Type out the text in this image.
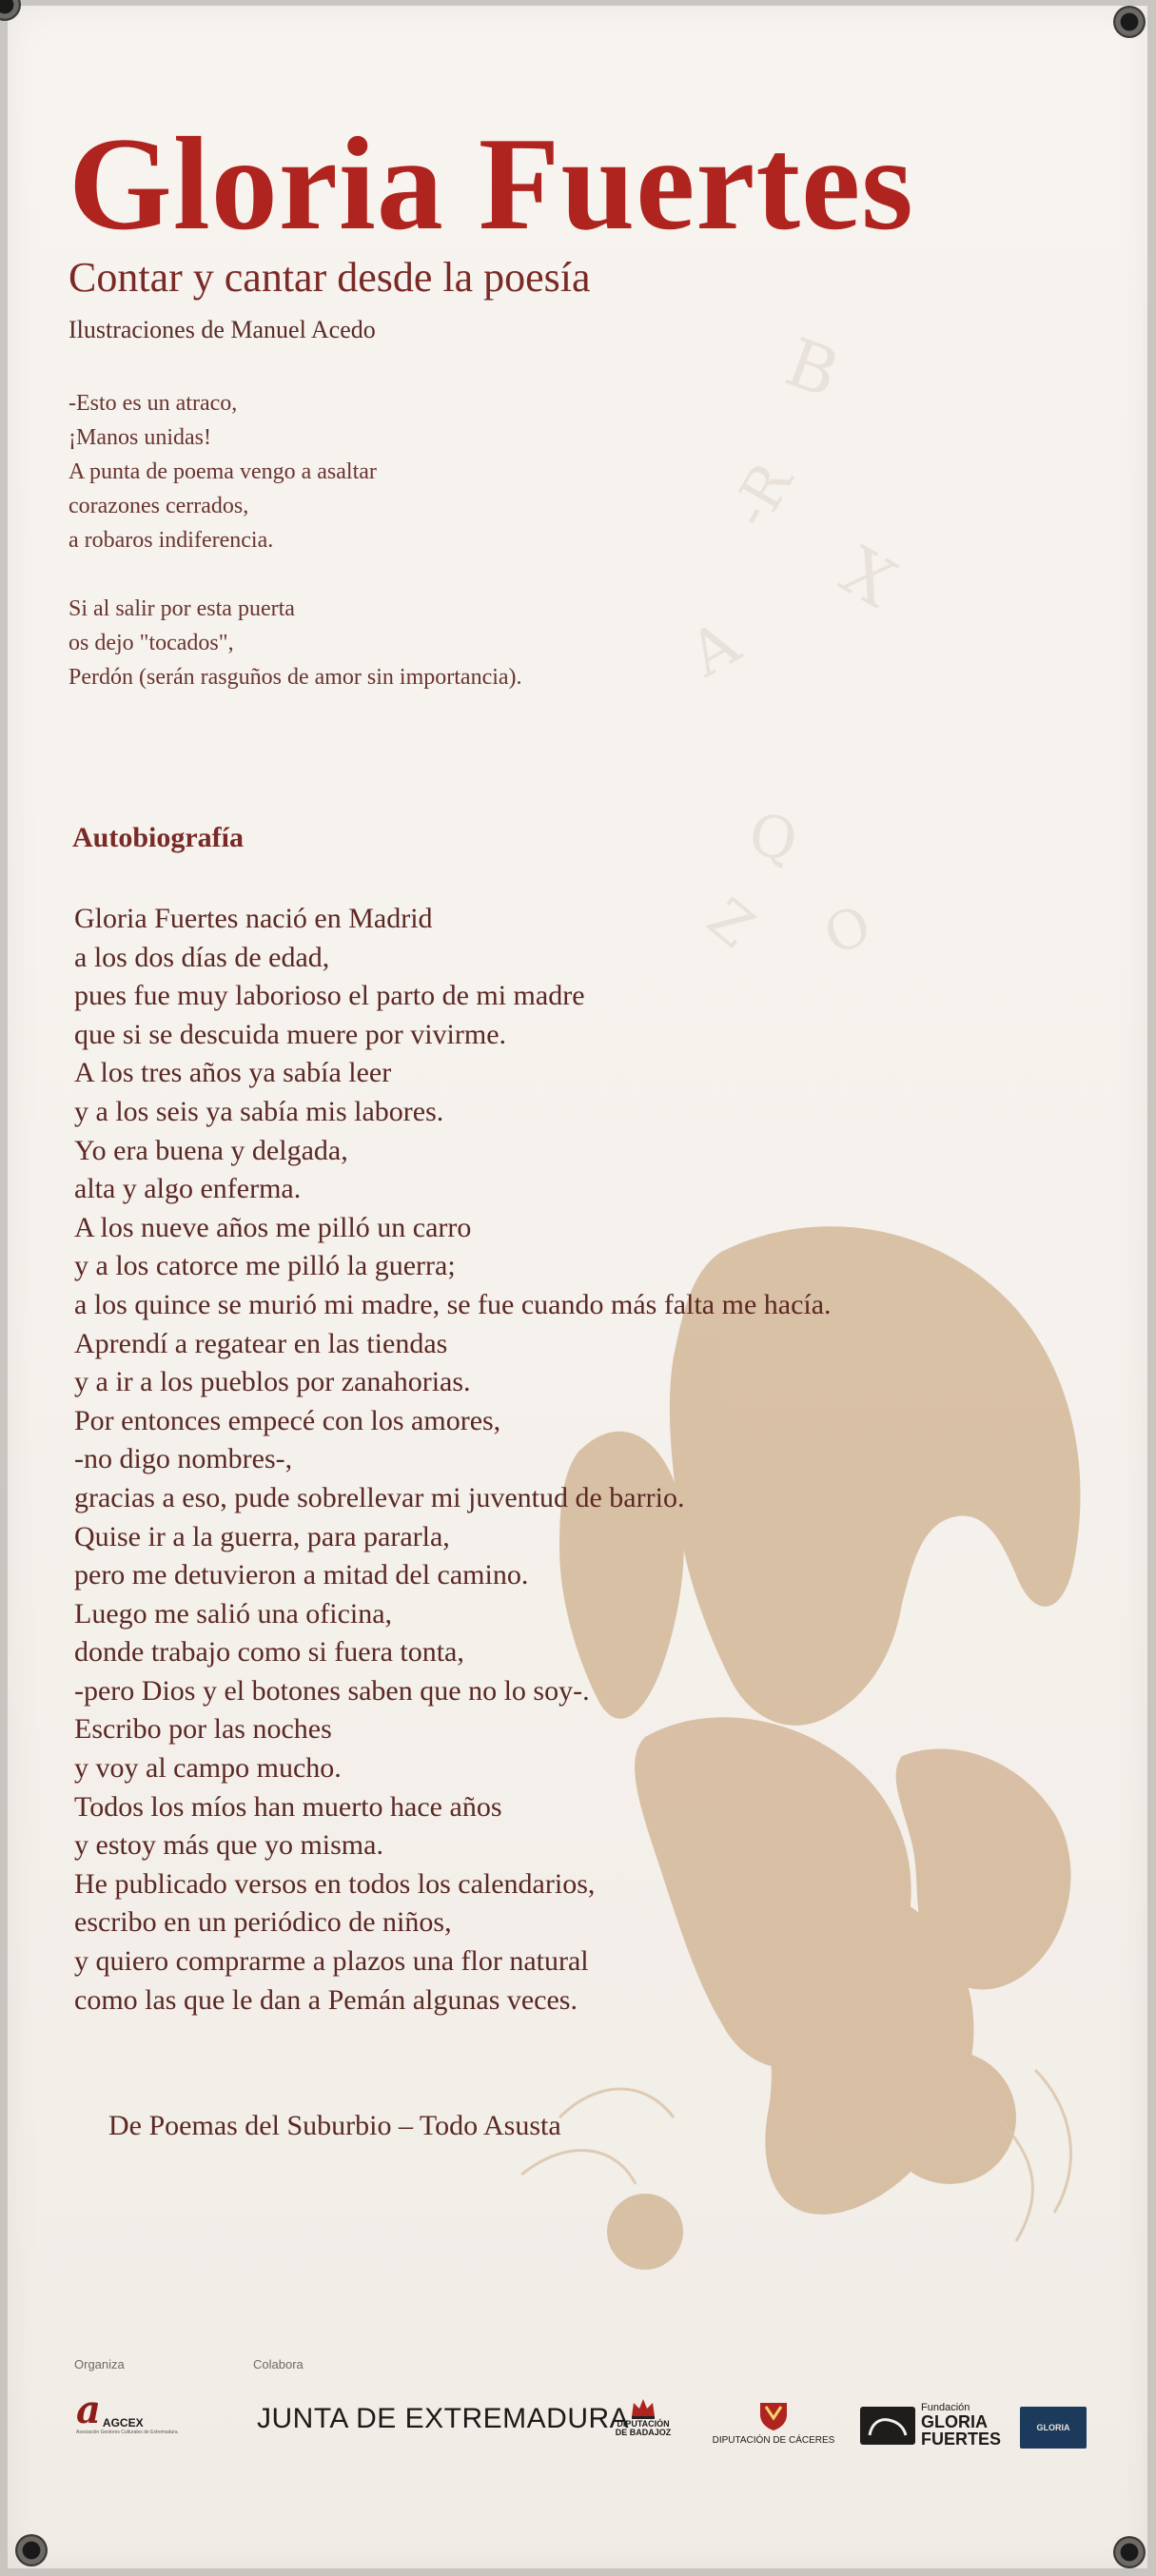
B
-R
X
A
Q
O
Z
Gloria Fuertes
Contar y cantar desde la poesía
Ilustraciones de Manuel Acedo
-Esto es un atraco,
¡Manos unidas!
A punta de poema vengo a asaltar
corazones cerrados,
a robaros indiferencia.
Si al salir por esta puerta
os dejo "tocados",
Perdón (serán rasguños de amor sin importancia).
Autobiografía
Gloria Fuertes nació en Madrid
a los dos días de edad,
pues fue muy laborioso el parto de mi madre
que si se descuida muere por vivirme.
A los tres años ya sabía leer
y a los seis ya sabía mis labores.
Yo era buena y delgada,
alta y algo enferma.
A los nueve años me pilló un carro
y a los catorce me pilló la guerra;
a los quince se murió mi madre, se fue cuando más falta me hacía.
Aprendí a regatear en las tiendas
y a ir a los pueblos por zanahorias.
Por entonces empecé con los amores,
-no digo nombres-,
gracias a eso, pude sobrellevar mi juventud de barrio.
Quise ir a la guerra, para pararla,
pero me detuvieron a mitad del camino.
Luego me salió una oficina,
donde trabajo como si fuera tonta,
-pero Dios y el botones saben que no lo soy-.
Escribo por las noches
y voy al campo mucho.
Todos los míos han muerto hace años
y estoy más que yo misma.
He publicado versos en todos los calendarios,
escribo en un periódico de niños,
y quiero comprarme a plazos una flor natural
como las que le dan a Pemán algunas veces.
De Poemas del Suburbio – Todo Asusta
Organiza	Colabora
a AGCEX
Asociación Gestores Culturales de Extremadura	JUNTA DE EXTREMADURA
DIPUTACIÓN DE BADAJOZ
DIPUTACIÓN DE CÁCERES
Fundación
GLORIA
FUERTES
GLORIA
